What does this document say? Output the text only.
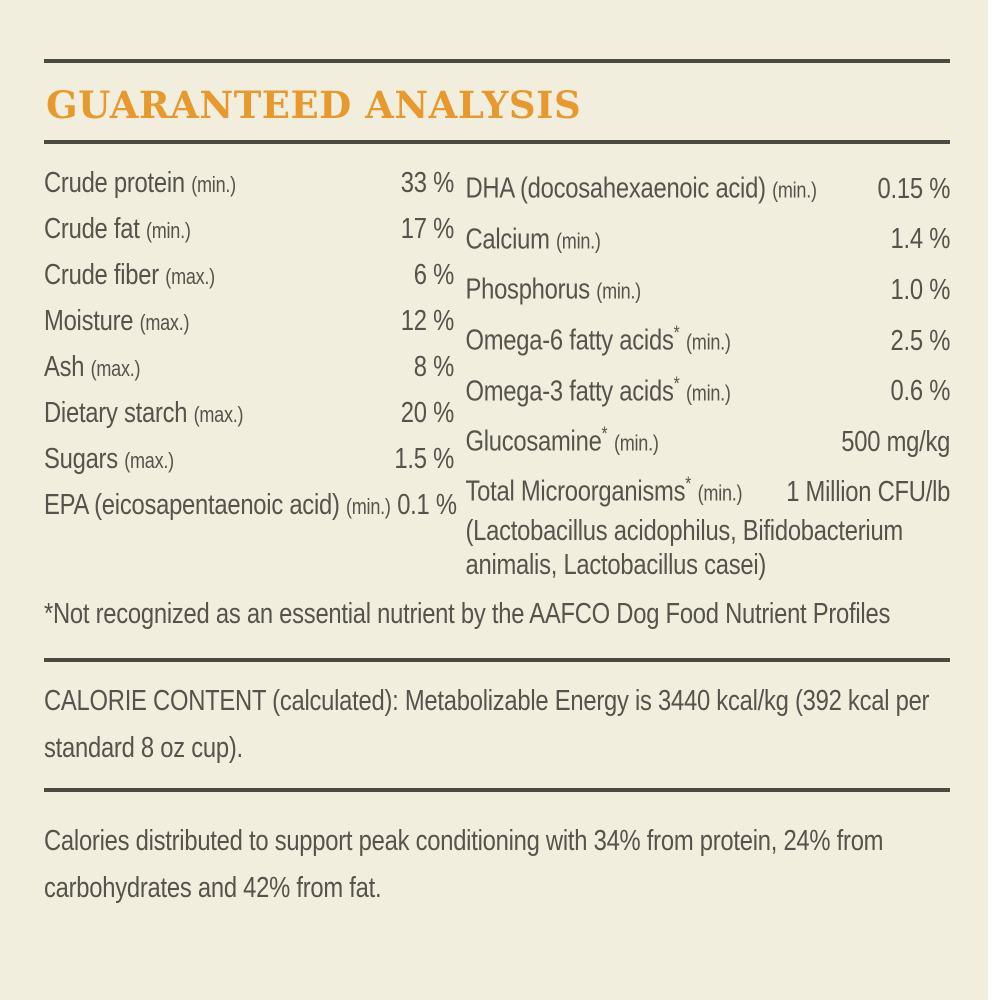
GUARANTEED ANALYSIS
Crude protein (min.)	33 %
Crude fat (min.)	17 %
Crude fiber (max.)	6 %
Moisture (max.)	12 %
Ash (max.)	8 %
Dietary starch (max.)	20 %
Sugars (max.)	1.5 %
EPA (eicosapentaenoic acid) (min.) 0.1 %
DHA (docosahexaenoic acid) (min.) 0.15 %
Calcium (min.)	1.4 %
Phosphorus (min.)	1.0 %
Omega-6 fatty acids* (min.)	2.5 %
Omega-3 fatty acids* (min.)	0.6 %
Glucosamine* (min.)	500 mg/kg
Total Microorganisms* (min.) 1 Million CFU/lb
(Lactobacillus acidophilus, Bifidobacterium animalis, Lactobacillus casei)

*Not recognized as an essential nutrient by the AAFCO Dog Food Nutrient Profiles

CALORIE CONTENT (calculated): Metabolizable Energy is 3440 kcal/kg (392 kcal per standard 8 oz cup).

Calories distributed to support peak conditioning with 34% from protein, 24% from carbohydrates and 42% from fat.
